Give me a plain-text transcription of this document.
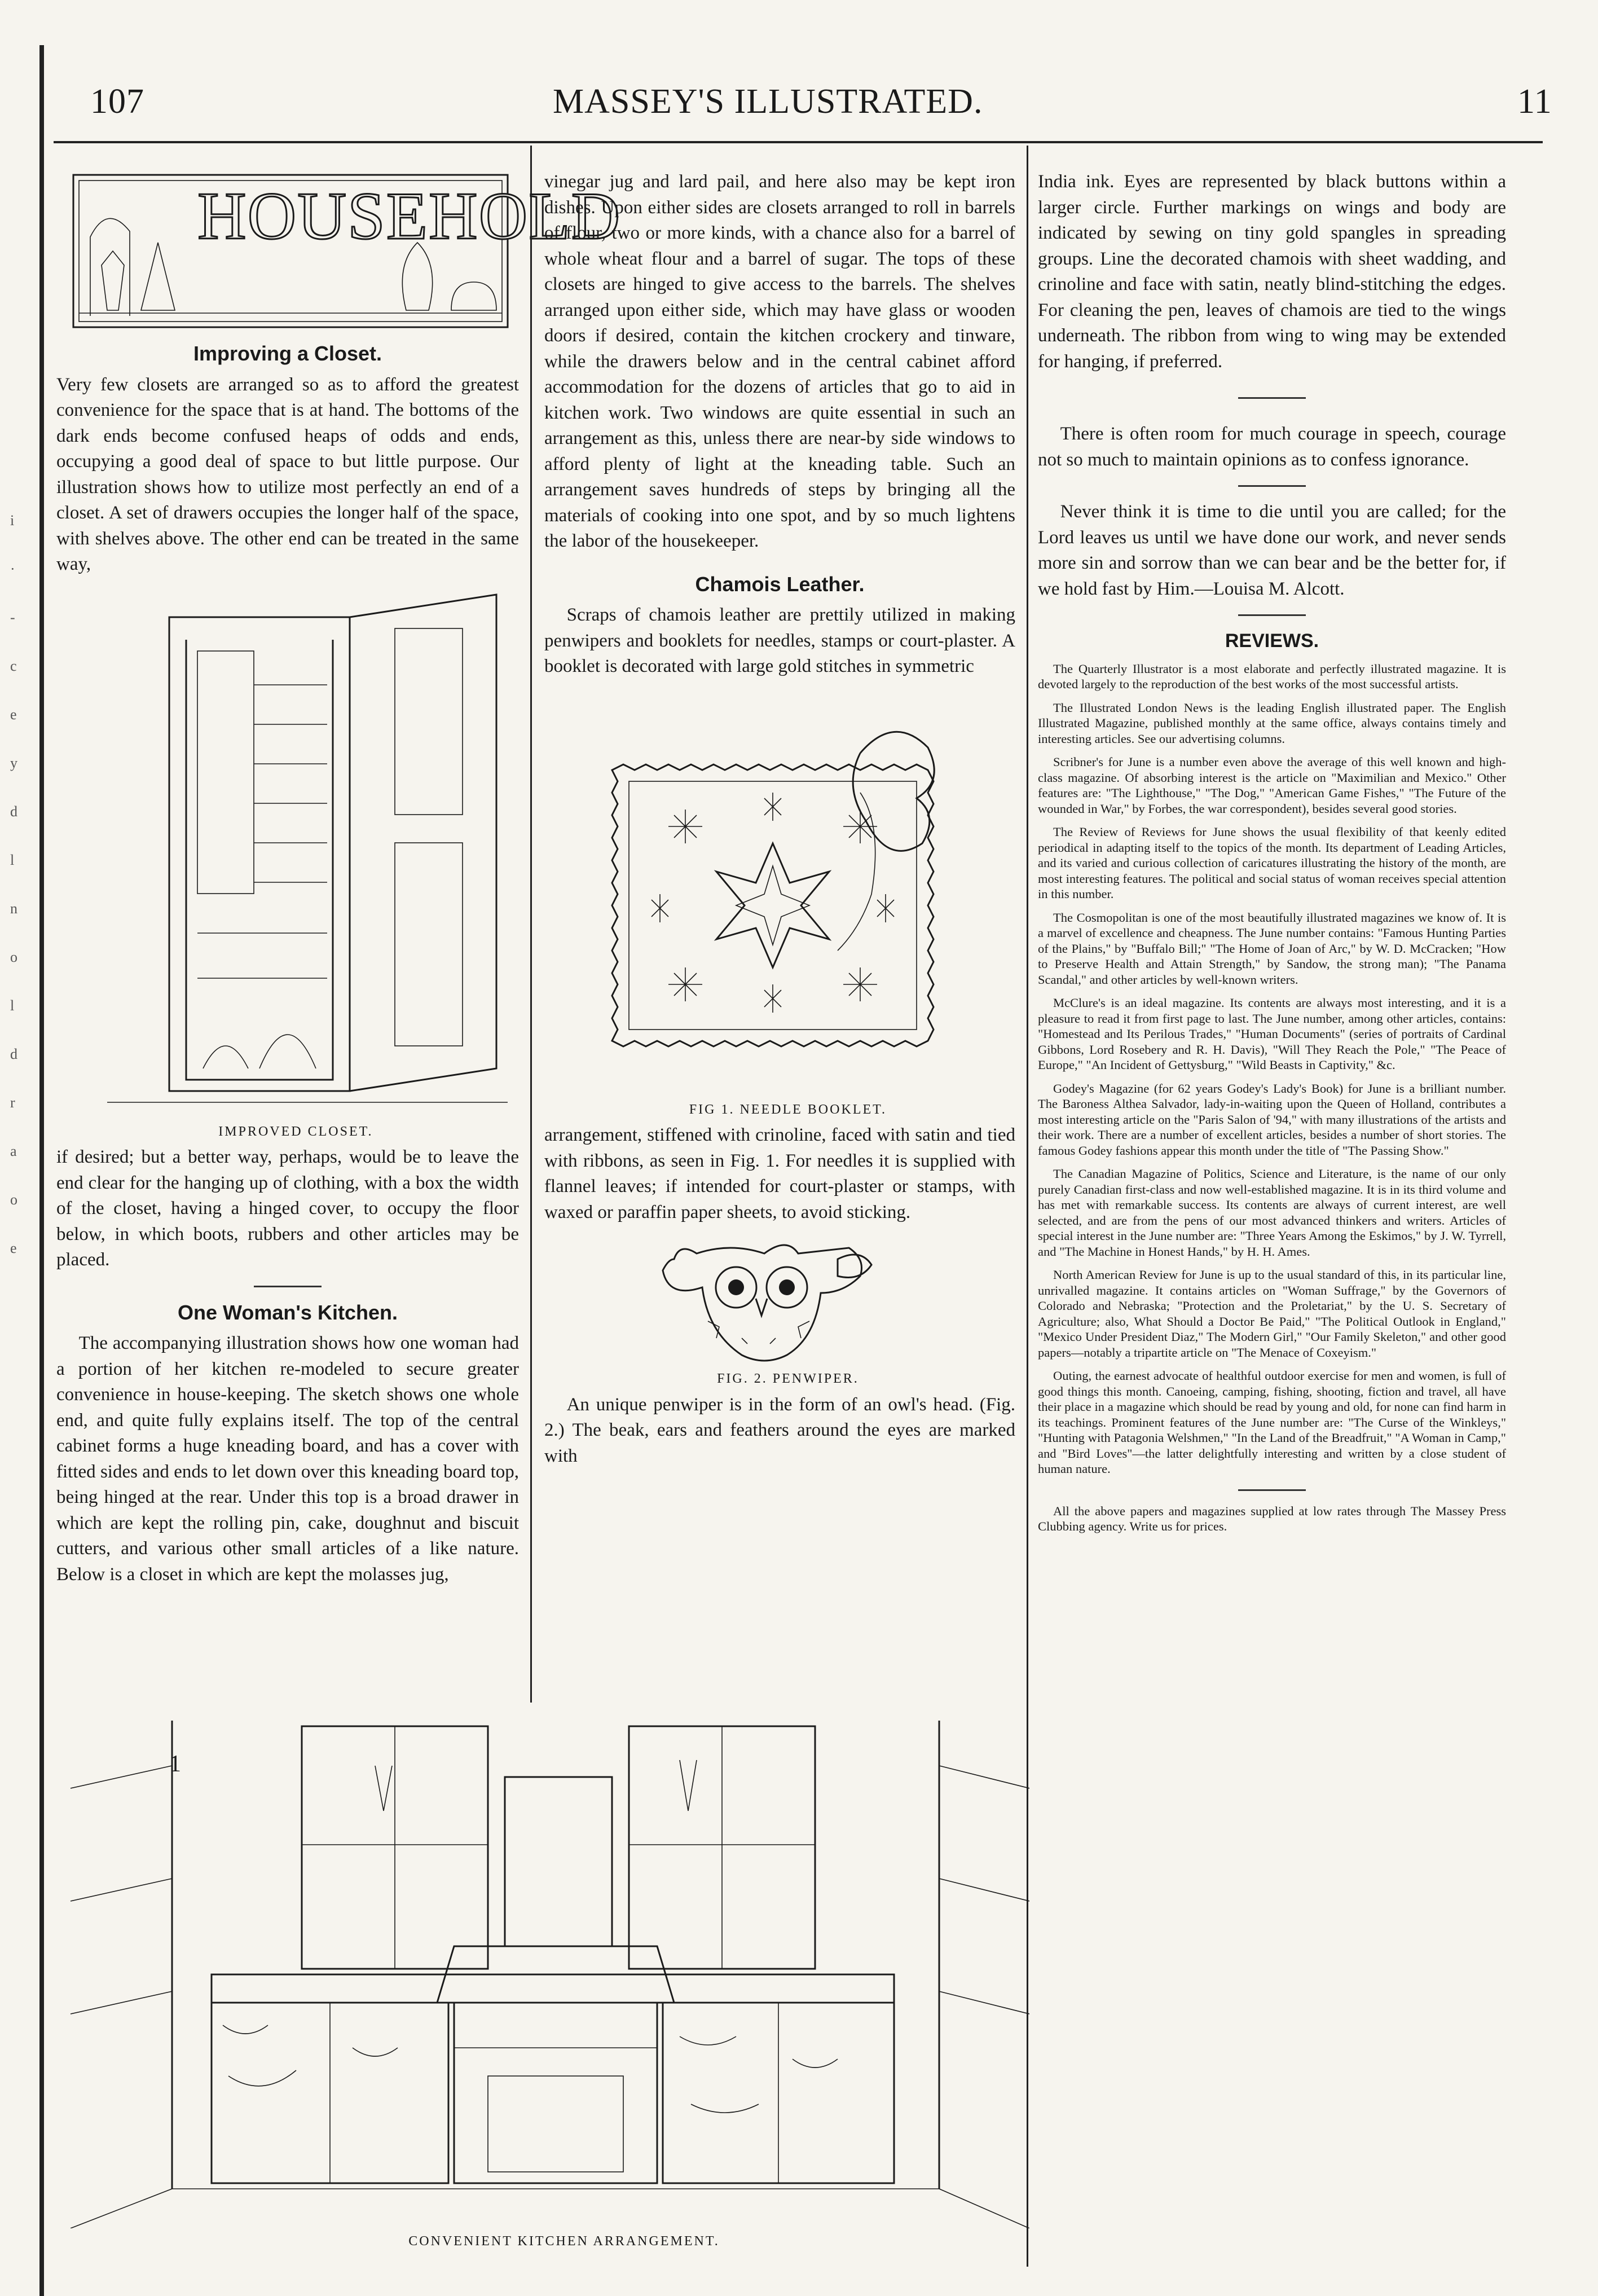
i
·
-
c
e
y
d
l
n
o
l
d
r
a
o
e
107	MASSEY'S ILLUSTRATED.	11
HOUSEHOLD
Improving a Closet.

Very few closets are arranged so as to afford the greatest convenience for the space that is at hand. The bottoms of the dark ends become confused heaps of odds and ends, occupying a good deal of space to but little purpose. Our illustration shows how to utilize most perfectly an end of a closet. A set of drawers occupies the longer half of the space, with shelves above. The other end can be treated in the same way,

IMPROVED CLOSET.

if desired; but a better way, perhaps, would be to leave the end clear for the hanging up of clothing, with a box the width of the closet, having a hinged cover, to occupy the floor below, in which boots, rubbers and other articles may be placed.

One Woman's Kitchen.

The accompanying illustration shows how one woman had a portion of her kitchen re-modeled to secure greater convenience in house-keeping. The sketch shows one whole end, and quite fully explains itself. The top of the central cabinet forms a huge kneading board, and has a cover with fitted sides and ends to let down over this kneading board top, being hinged at the rear. Under this top is a broad drawer in which are kept the rolling pin, cake, doughnut and biscuit cutters, and various other small articles of a like nature. Below is a closet in which are kept the molasses jug,

vinegar jug and lard pail, and here also may be kept iron dishes. Upon either sides are closets arranged to roll in barrels of flour, two or more kinds, with a chance also for a barrel of whole wheat flour and a barrel of sugar. The tops of these closets are hinged to give access to the barrels. The shelves arranged upon either side, which may have glass or wooden doors if desired, contain the kitchen crockery and tinware, while the drawers below and in the central cabinet afford accommodation for the dozens of articles that go to aid in kitchen work. Two windows are quite essential in such an arrangement as this, unless there are near-by side windows to afford plenty of light at the kneading table. Such an arrangement saves hundreds of steps by bringing all the materials of cooking into one spot, and by so much lightens the labor of the housekeeper.

Chamois Leather.

Scraps of chamois leather are prettily utilized in making penwipers and booklets for needles, stamps or court-plaster. A booklet is decorated with large gold stitches in symmetric

FIG 1. NEEDLE BOOKLET.

arrangement, stiffened with crinoline, faced with satin and tied with ribbons, as seen in Fig. 1. For needles it is supplied with flannel leaves; if intended for court-plaster or stamps, with waxed or paraffin paper sheets, to avoid sticking.

FIG. 2. PENWIPER.

An unique penwiper is in the form of an owl's head. (Fig. 2.) The beak, ears and feathers around the eyes are marked with

1

CONVENIENT KITCHEN ARRANGEMENT.

India ink. Eyes are represented by black buttons within a larger circle. Further markings on wings and body are indicated by sewing on tiny gold spangles in spreading groups. Line the decorated chamois with sheet wadding, and crinoline and face with satin, neatly blind-stitching the edges. For cleaning the pen, leaves of chamois are tied to the wings underneath. The ribbon from wing to wing may be extended for hanging, if preferred.

There is often room for much courage in speech, courage not so much to maintain opinions as to confess ignorance.

Never think it is time to die until you are called; for the Lord leaves us until we have done our work, and never sends more sin and sorrow than we can bear and be the better for, if we hold fast by Him.—Louisa M. Alcott.

REVIEWS.

The Quarterly Illustrator is a most elaborate and perfectly illustrated magazine. It is devoted largely to the reproduction of the best works of the most successful artists.

The Illustrated London News is the leading English illustrated paper. The English Illustrated Magazine, published monthly at the same office, always contains timely and interesting articles. See our advertising columns.

Scribner's for June is a number even above the average of this well known and high-class magazine. Of absorbing interest is the article on "Maximilian and Mexico." Other features are: "The Lighthouse," "The Dog," "American Game Fishes," "The Future of the wounded in War," by Forbes, the war correspondent), besides several good stories.

The Review of Reviews for June shows the usual flexibility of that keenly edited periodical in adapting itself to the topics of the month. Its department of Leading Articles, and its varied and curious collection of caricatures illustrating the history of the month, are most interesting features. The political and social status of woman receives special attention in this number.

The Cosmopolitan is one of the most beautifully illustrated magazines we know of. It is a marvel of excellence and cheapness. The June number contains: "Famous Hunting Parties of the Plains," by "Buffalo Bill;" "The Home of Joan of Arc," by W. D. McCracken; "How to Preserve Health and Attain Strength," by Sandow, the strong man); "The Panama Scandal," and other articles by well-known writers.

McClure's is an ideal magazine. Its contents are always most interesting, and it is a pleasure to read it from first page to last. The June number, among other articles, contains: "Homestead and Its Perilous Trades," "Human Documents" (series of portraits of Cardinal Gibbons, Lord Rosebery and R. H. Davis), "Will They Reach the Pole," "The Peace of Europe," "An Incident of Gettysburg," "Wild Beasts in Captivity," &c.

Godey's Magazine (for 62 years Godey's Lady's Book) for June is a brilliant number. The Baroness Althea Salvador, lady-in-waiting upon the Queen of Holland, contributes a most interesting article on the "Paris Salon of '94," with many illustrations of the artists and their work. There are a number of excellent articles, besides a number of short stories. The famous Godey fashions appear this month under the title of "The Passing Show."

The Canadian Magazine of Politics, Science and Literature, is the name of our only purely Canadian first-class and now well-established magazine. It is in its third volume and has met with remarkable success. Its contents are always of current interest, are well selected, and are from the pens of our most advanced thinkers and writers. Articles of special interest in the June number are: "Three Years Among the Eskimos," by J. W. Tyrrell, and "The Machine in Honest Hands," by H. H. Ames.

North American Review for June is up to the usual standard of this, in its particular line, unrivalled magazine. It contains articles on "Woman Suffrage," by the Governors of Colorado and Nebraska; "Protection and the Proletariat," by the U. S. Secretary of Agriculture; also, What Should a Doctor Be Paid," "The Political Outlook in England," "Mexico Under President Diaz," The Modern Girl," "Our Family Skeleton," and other good papers—notably a tripartite article on "The Menace of Coxeyism."

Outing, the earnest advocate of healthful outdoor exercise for men and women, is full of good things this month. Canoeing, camping, fishing, shooting, fiction and travel, all have their place in a magazine which should be read by young and old, for none can find harm in its teachings. Prominent features of the June number are: "The Curse of the Winkleys," "Hunting with Patagonia Welshmen," "In the Land of the Breadfruit," "A Woman in Camp," and "Bird Loves"—the latter delightfully interesting and written by a close student of human nature.

All the above papers and magazines supplied at low rates through The Massey Press Clubbing agency. Write us for prices.
